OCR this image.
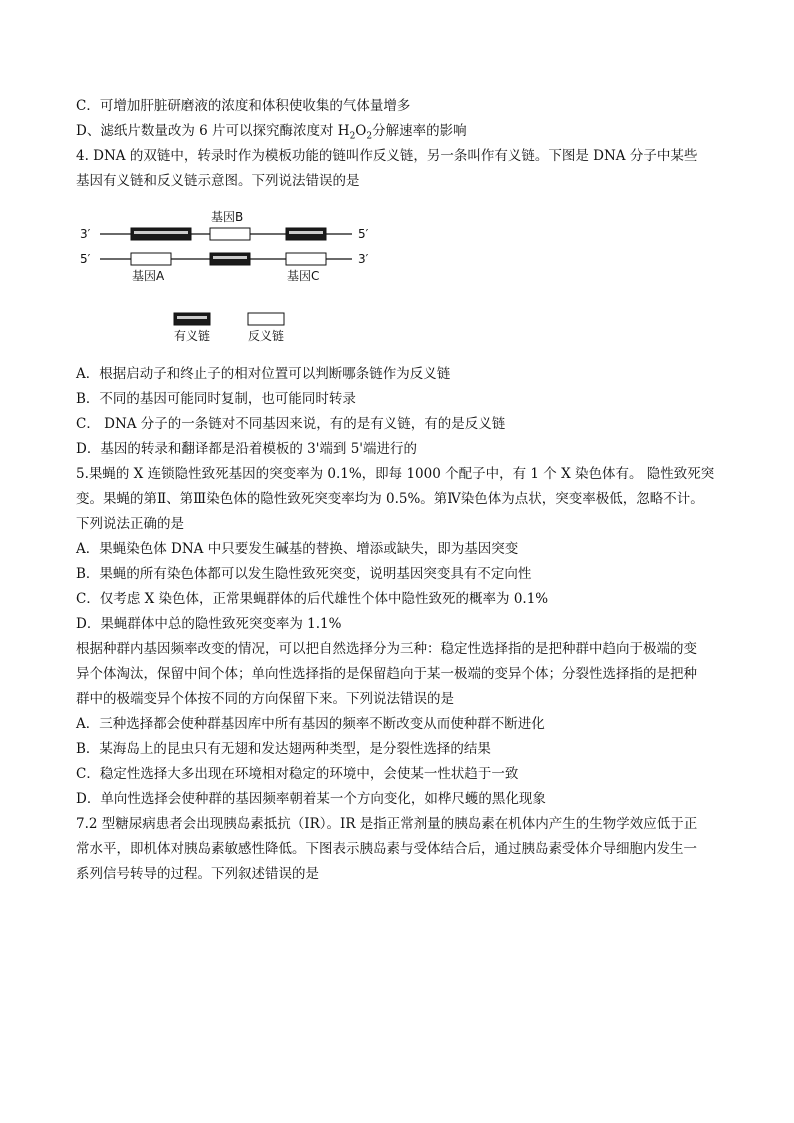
C．可增加肝脏研磨液的浓度和体积使收集的气体量增多
D、滤纸片数量改为 6 片可以探究酶浓度对 $H_2O_2$分解速率的影响
4. DNA 的双链中，转录时作为模板功能的链叫作反义链，另一条叫作有义链。下图是 DNA 分子中某些
基因有义链和反义链示意图。下列说法错误的是
3′	5′
基因B
5′	3′
基因A	基因C
有义链	反义链
A．根据启动子和终止子的相对位置可以判断哪条链作为反义链
B．不同的基因可能同时复制，也可能同时转录
C． DNA 分子的一条链对不同基因来说，有的是有义链，有的是反义链
D．基因的转录和翻译都是沿着模板的 3'端到 5'端进行的
5.果蝇的 X 连锁隐性致死基因的突变率为 0.1%，即每 1000 个配子中，有 1 个 X 染色体有。 隐性致死突
变。果蝇的第Ⅱ、第Ⅲ染色体的隐性致死突变率均为 0.5%。第Ⅳ染色体为点状，突变率极低，忽略不计。
下列说法正确的是
A．果蝇染色体 DNA 中只要发生碱基的替换、增添或缺失，即为基因突变
B．果蝇的所有染色体都可以发生隐性致死突变，说明基因突变具有不定向性
C．仅考虑 X 染色体，正常果蝇群体的后代雄性个体中隐性致死的概率为 0.1%
D．果蝇群体中总的隐性致死突变率为 1.1%
根据种群内基因频率改变的情况，可以把自然选择分为三种：稳定性选择指的是把种群中趋向于极端的变
异个体淘汰，保留中间个体；单向性选择指的是保留趋向于某一极端的变异个体；分裂性选择指的是把种
群中的极端变异个体按不同的方向保留下来。下列说法错误的是
A．三种选择都会使种群基因库中所有基因的频率不断改变从而使种群不断进化
B．某海岛上的昆虫只有无翅和发达翅两种类型，是分裂性选择的结果
C．稳定性选择大多出现在环境相对稳定的环境中，会使某一性状趋于一致
D．单向性选择会使种群的基因频率朝着某一个方向变化，如桦尺蠖的黑化现象
7.2 型糖尿病患者会出现胰岛素抵抗（IR）。IR 是指正常剂量的胰岛素在机体内产生的生物学效应低于正
常水平，即机体对胰岛素敏感性降低。下图表示胰岛素与受体结合后，通过胰岛素受体介导细胞内发生一
系列信号转导的过程。下列叙述错误的是
